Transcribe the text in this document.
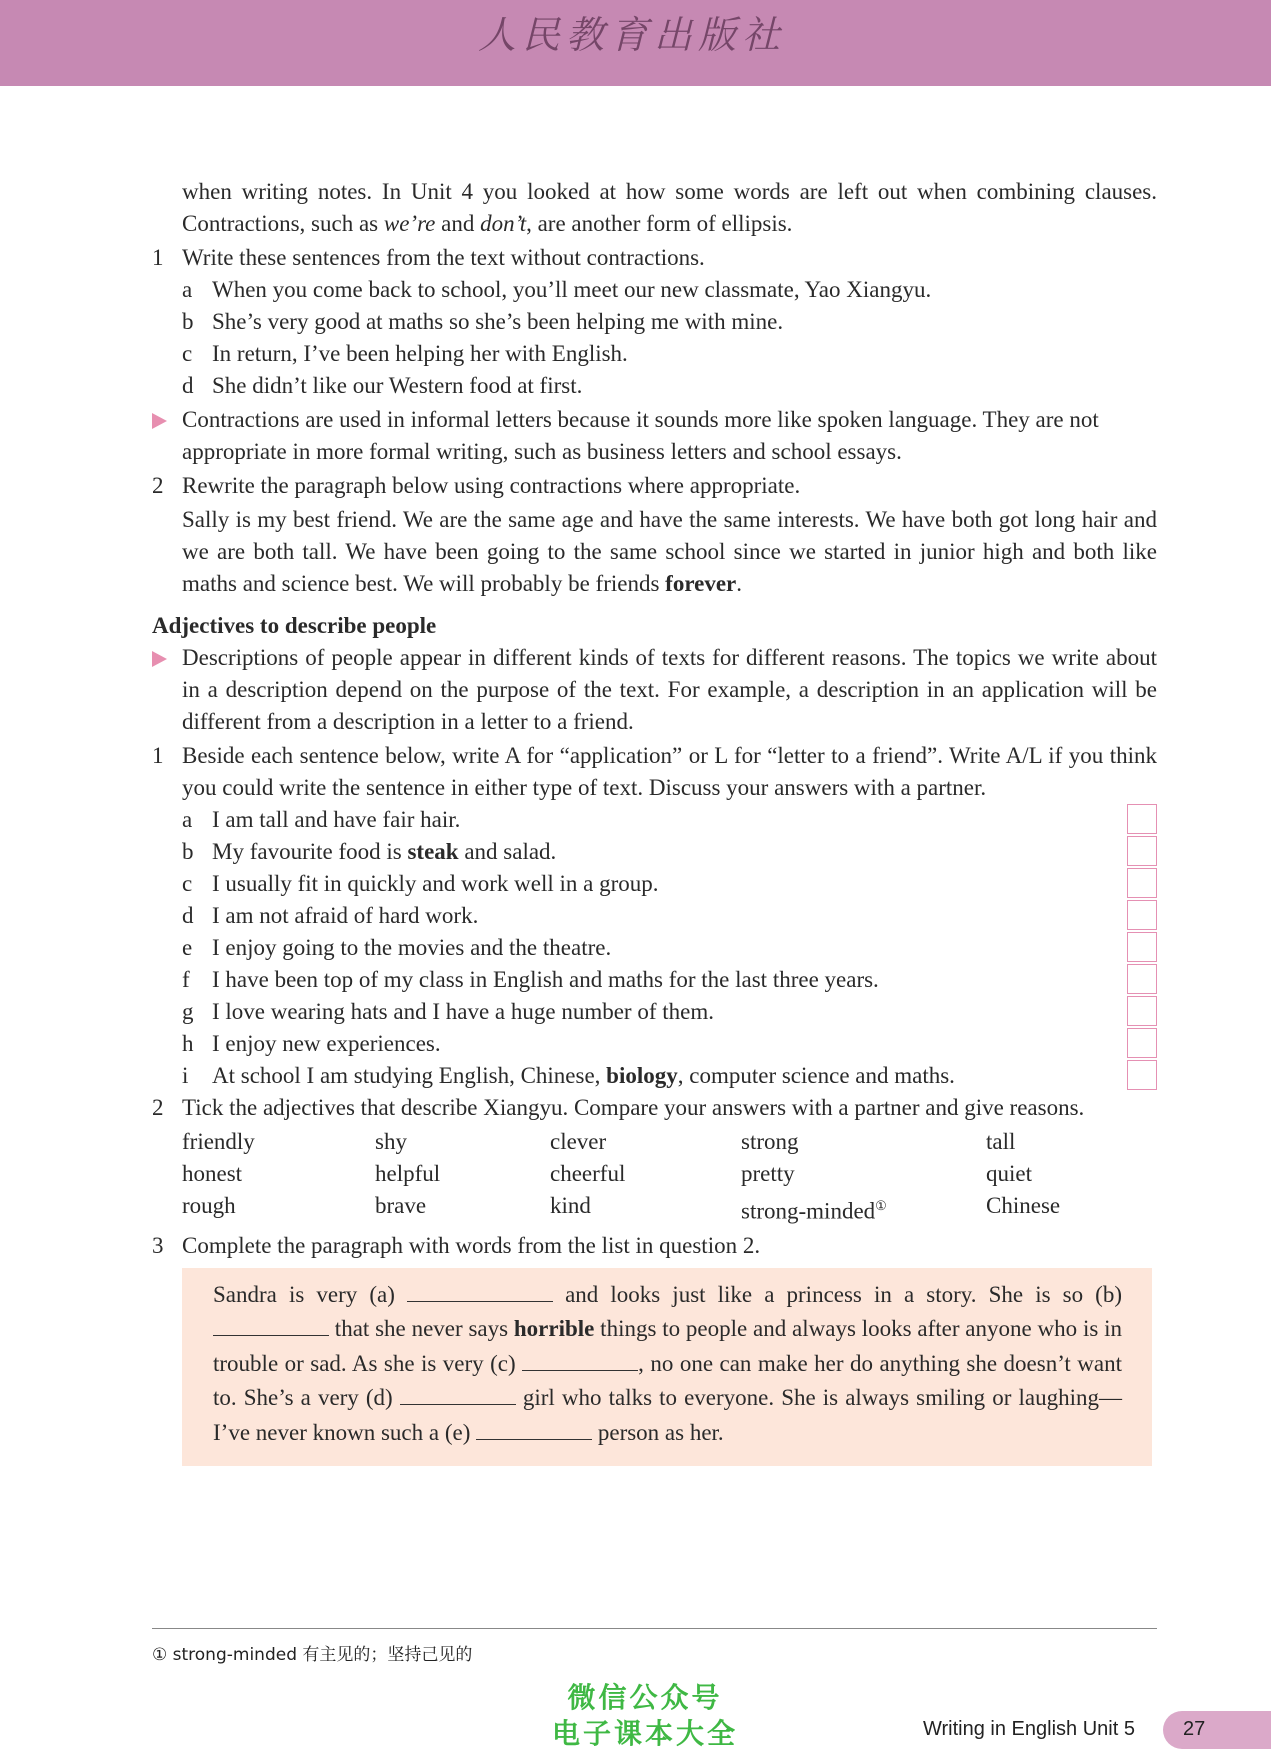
人民教育出版社
when writing notes. In Unit 4 you looked at how some words are left out when combining clauses. Contractions, such as we’re and don’t, are another form of ellipsis.
1 Write these sentences from the text without contractions.
a When you come back to school, you’ll meet our new classmate, Yao Xiangyu.
b She’s very good at maths so she’s been helping me with mine.
c In return, I’ve been helping her with English.
d She didn’t like our Western food at first.
Contractions are used in informal letters because it sounds more like spoken language. They are not appropriate in more formal writing, such as business letters and school essays.
2 Rewrite the paragraph below using contractions where appropriate.
Sally is my best friend. We are the same age and have the same interests. We have both got long hair and we are both tall. We have been going to the same school since we started in junior high and both like maths and science best. We will probably be friends forever.
Adjectives to describe people
Descriptions of people appear in different kinds of texts for different reasons. The topics we write about in a description depend on the purpose of the text. For example, a description in an application will be different from a description in a letter to a friend.
1 Beside each sentence below, write A for “application” or L for “letter to a friend”. Write A/L if you think you could write the sentence in either type of text. Discuss your answers with a partner.
a I am tall and have fair hair.
b My favourite food is steak and salad.
c I usually fit in quickly and work well in a group.
d I am not afraid of hard work.
e I enjoy going to the movies and the theatre.
f I have been top of my class in English and maths for the last three years.
g I love wearing hats and I have a huge number of them.
h I enjoy new experiences.
i At school I am studying English, Chinese, biology, computer science and maths.
2 Tick the adjectives that describe Xiangyu. Compare your answers with a partner and give reasons.
friendly	shy	clever	strong	tall
honest	helpful	cheerful	pretty	quiet
rough	brave	kind	strong-minded①	Chinese
3 Complete the paragraph with words from the list in question 2.
Sandra is very (a)	and looks just like a princess in a story. She is so (b)  that she never says horrible things to people and always looks after anyone who is in trouble or sad. As she is very (c)	, no one can make her do anything she doesn’t want to. She’s a very (d)	girl who talks to everyone. She is always smiling or laughing—I’ve never known such a (e)	person as her.
① strong-minded 有主见的；坚持己见的
微信公众号
电子课本大全	Writing in English Unit 5 27
